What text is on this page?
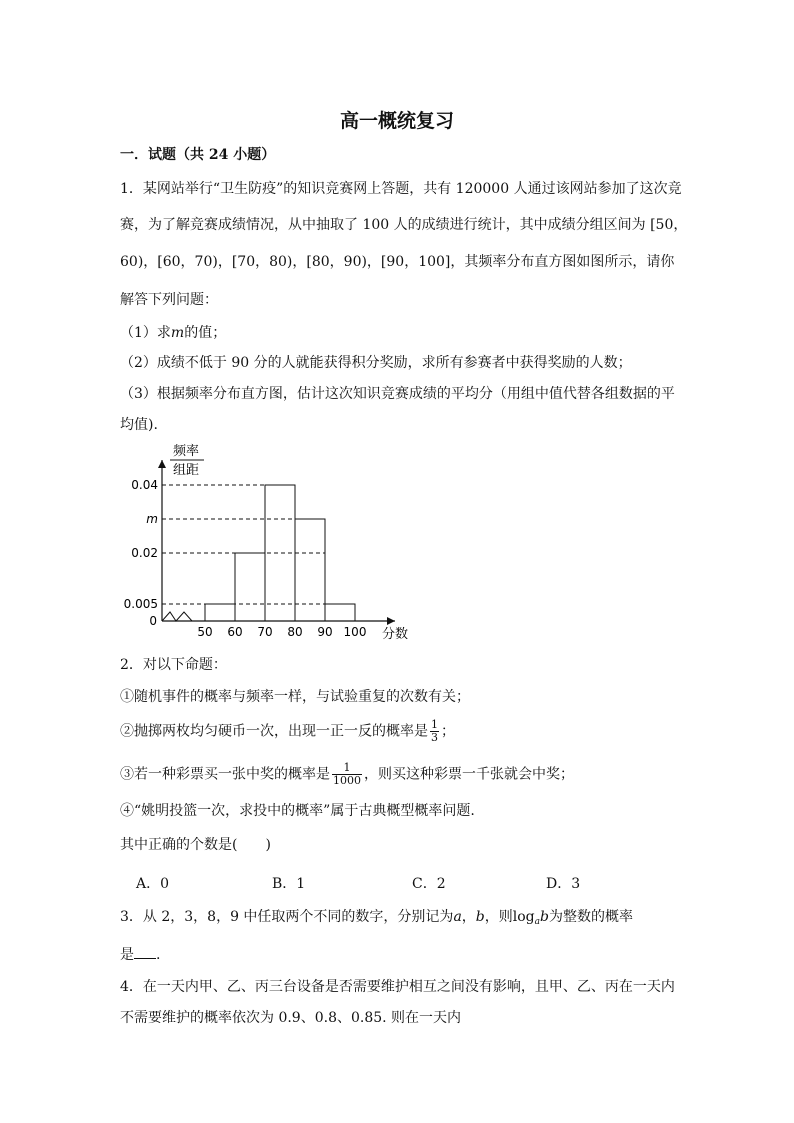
高一概统复习
一．试题（共 24 小题）
1．某网站举行“卫生防疫”的知识竞赛网上答题，共有 120000 人通过该网站参加了这次竞
赛，为了解竞赛成绩情况，从中抽取了 100 人的成绩进行统计，其中成绩分组区间为 [50，
60)，[60，70)，[70，80)，[80，90)，[90，100]，其频率分布直方图如图所示，请你
解答下列问题：
（1）求m的值；
（2）成绩不低于 90 分的人就能获得积分奖励，求所有参赛者中获得奖励的人数；
（3）根据频率分布直方图，估计这次知识竞赛成绩的平均分（用组中值代替各组数据的平
均值).
频率
组距
0.04
m
0.02
0.005
0
50 60 70 80 90 100 分数
2．对以下命题：
①随机事件的概率与频率一样，与试验重复的次数有关；
②抛掷两枚均匀硬币一次，出现一正一反的概率是 $\frac{1}{3}$ ；
③若一种彩票买一张中奖的概率是 $\frac{1}{1000}$ ，则买这种彩票一千张就会中奖；
④“姚明投篮一次，求投中的概率”属于古典概型概率问题.
其中正确的个数是(　　)
A．0	B．1	C．2	D．3
3．从 2，3，8，9 中任取两个不同的数字，分别记为a，b，则$\log_ab$为整数的概率
是 .
4．在一天内甲、乙、丙三台设备是否需要维护相互之间没有影响，且甲、乙、丙在一天内
不需要维护的概率依次为 0.9、0.8、0.85. 则在一天内
